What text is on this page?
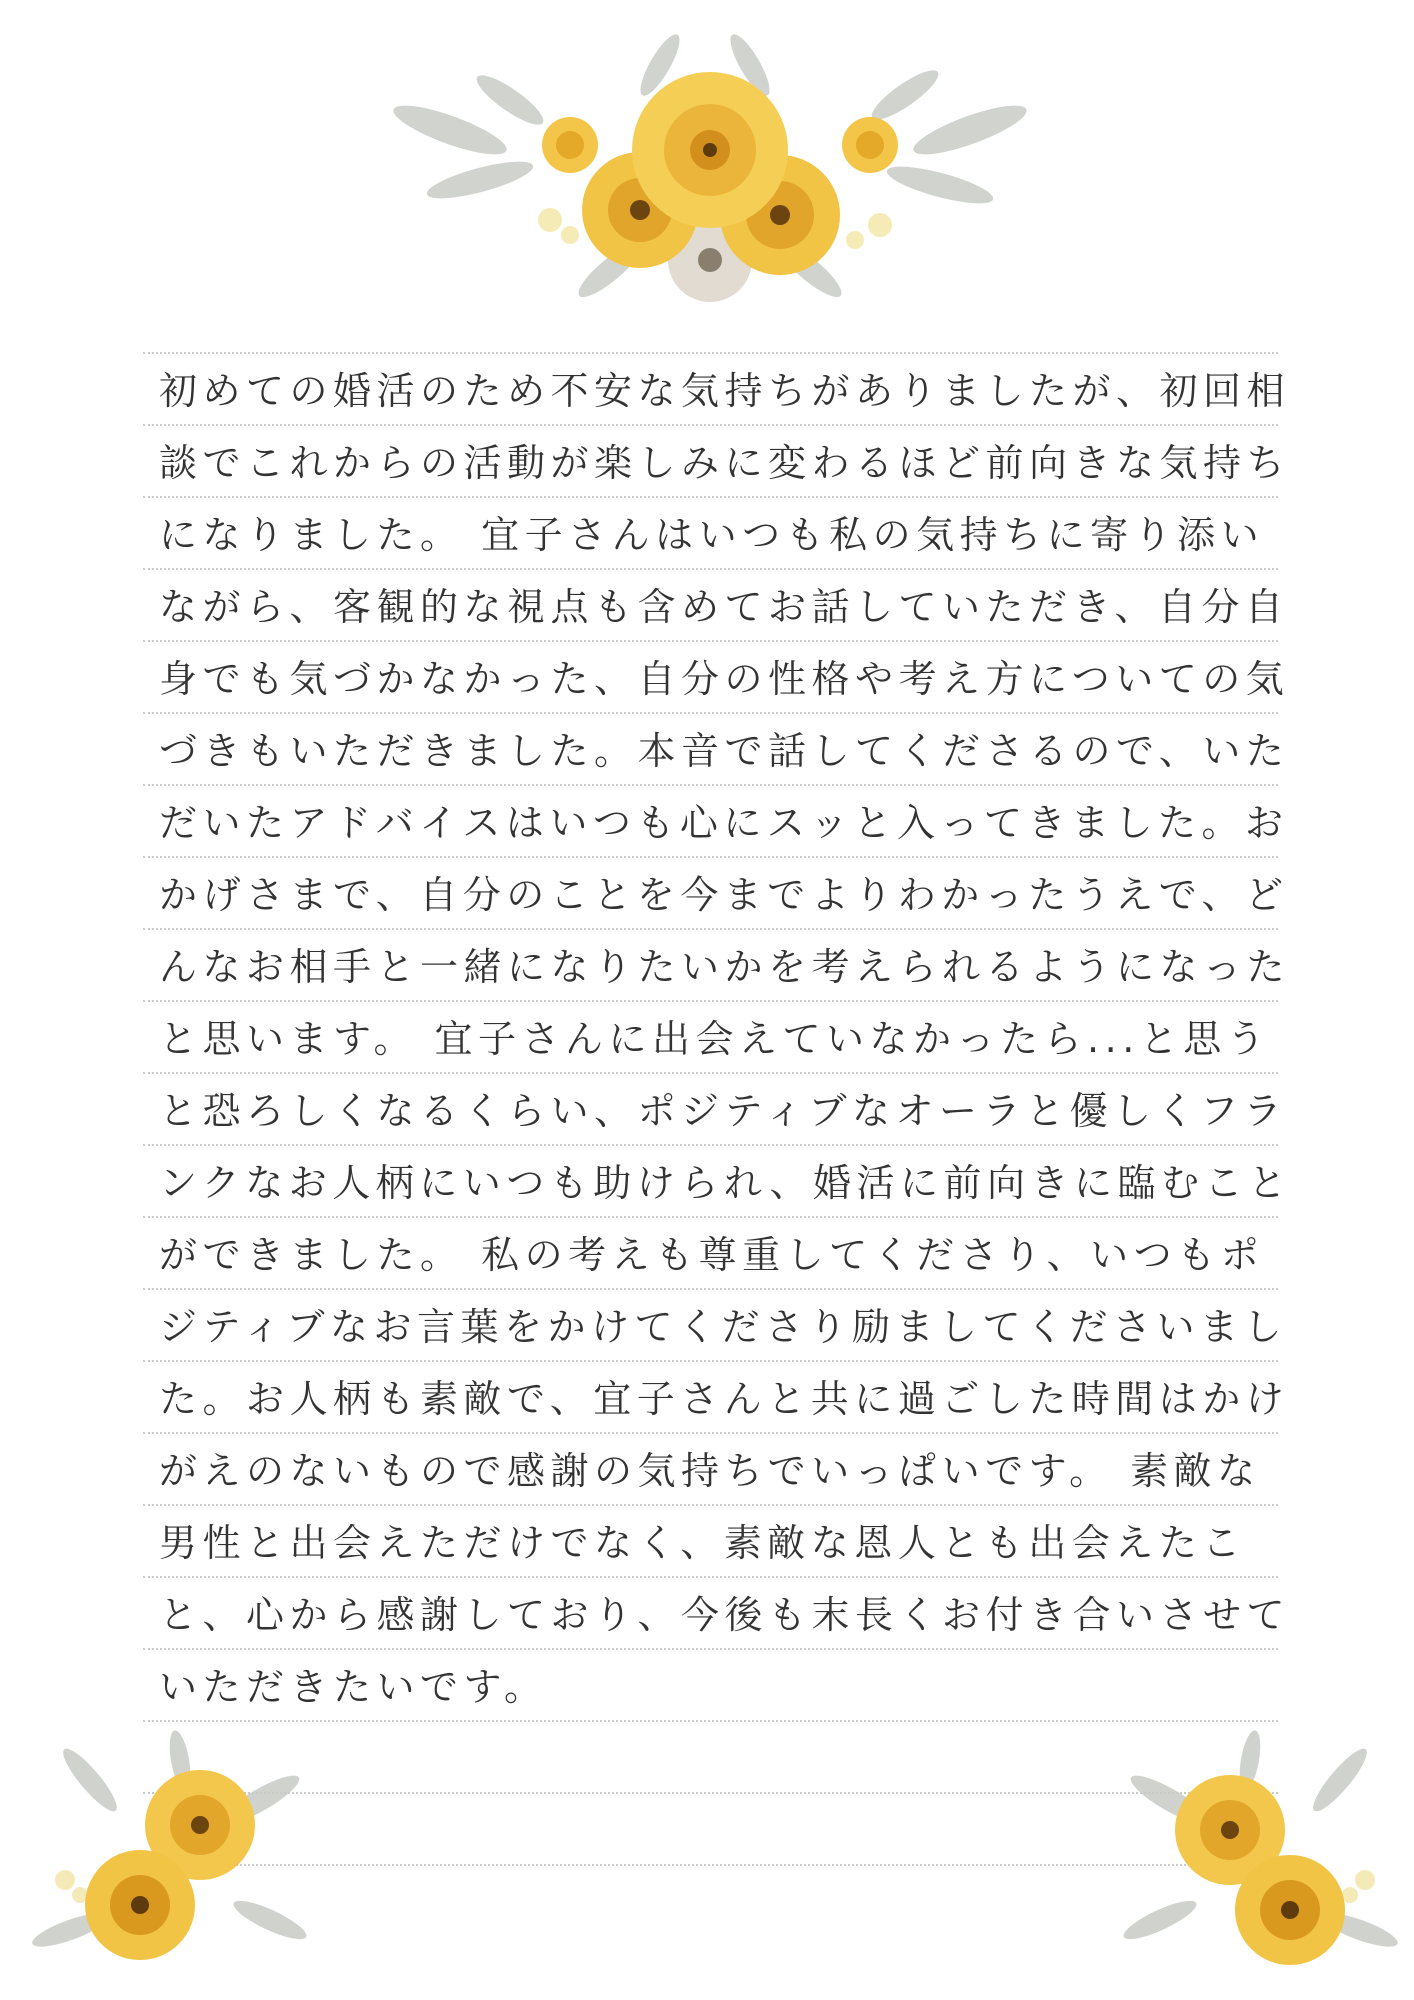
初めての婚活のため不安な気持ちがありましたが、初回相
談でこれからの活動が楽しみに変わるほど前向きな気持ち
になりました。 宜子さんはいつも私の気持ちに寄り添い
ながら、客観的な視点も含めてお話していただき、自分自
身でも気づかなかった、自分の性格や考え方についての気
づきもいただきました。本音で話してくださるので、いた
だいたアドバイスはいつも心にスッと入ってきました。お
かげさまで、自分のことを今までよりわかったうえで、ど
んなお相手と一緒になりたいかを考えられるようになった
と思います。 宜子さんに出会えていなかったら...と思う
と恐ろしくなるくらい、ポジティブなオーラと優しくフラ
ンクなお人柄にいつも助けられ、婚活に前向きに臨むこと
ができました。 私の考えも尊重してくださり、いつもポ
ジティブなお言葉をかけてくださり励ましてくださいまし
た。お人柄も素敵で、宜子さんと共に過ごした時間はかけ
がえのないもので感謝の気持ちでいっぱいです。 素敵な
男性と出会えただけでなく、素敵な恩人とも出会えたこ
と、心から感謝しており、今後も末長くお付き合いさせて
いただきたいです。
